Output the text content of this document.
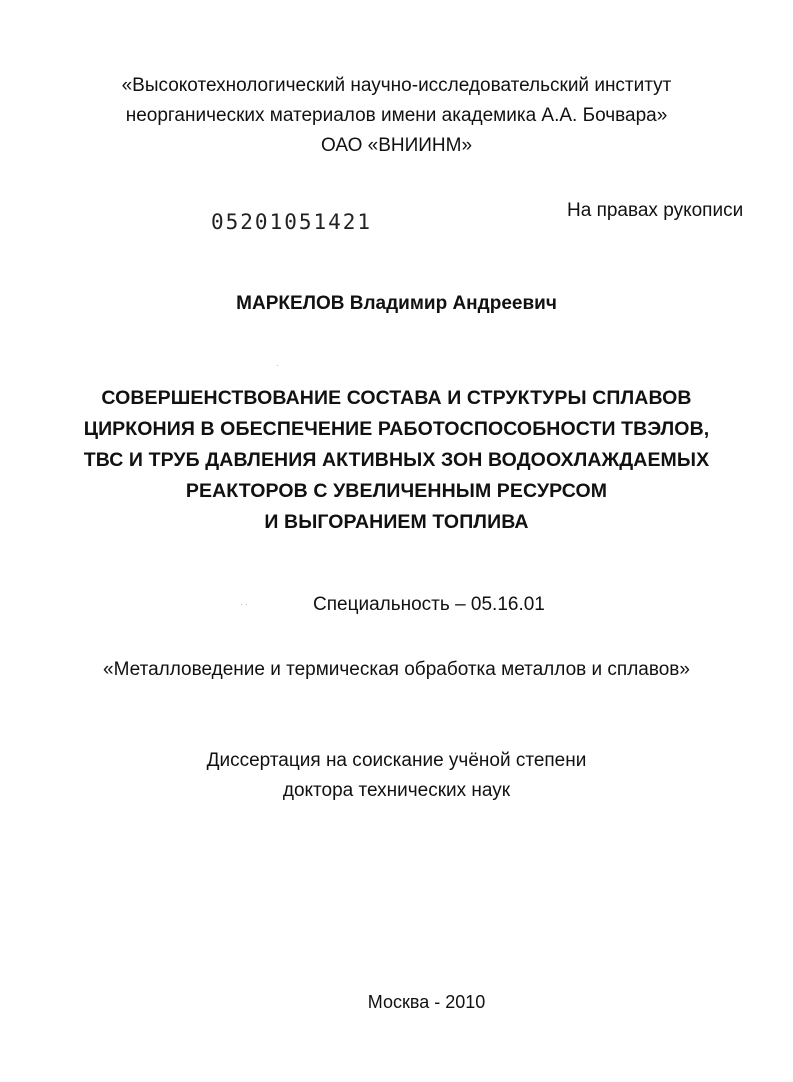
«Высокотехнологический научно-исследовательский институт
неорганических материалов имени академика А.А. Бочвара»
ОАО «ВНИИНМ»
05201051421	На правах рукописи
МАРКЕЛОВ Владимир Андреевич
·
СОВЕРШЕНСТВОВАНИЕ СОСТАВА И СТРУКТУРЫ СПЛАВОВ
ЦИРКОНИЯ В ОБЕСПЕЧЕНИЕ РАБОТОСПОСОБНОСТИ ТВЭЛОВ,
ТВС И ТРУБ ДАВЛЕНИЯ АКТИВНЫХ ЗОН ВОДООХЛАЖДАЕМЫХ
РЕАКТОРОВ С УВЕЛИЧЕННЫМ РЕСУРСОМ
И ВЫГОРАНИЕМ ТОПЛИВА
· ·	Специальность – 05.16.01
«Металловедение и термическая обработка металлов и сплавов»
Диссертация на соискание учёной степени
доктора технических наук
Москва - 2010
